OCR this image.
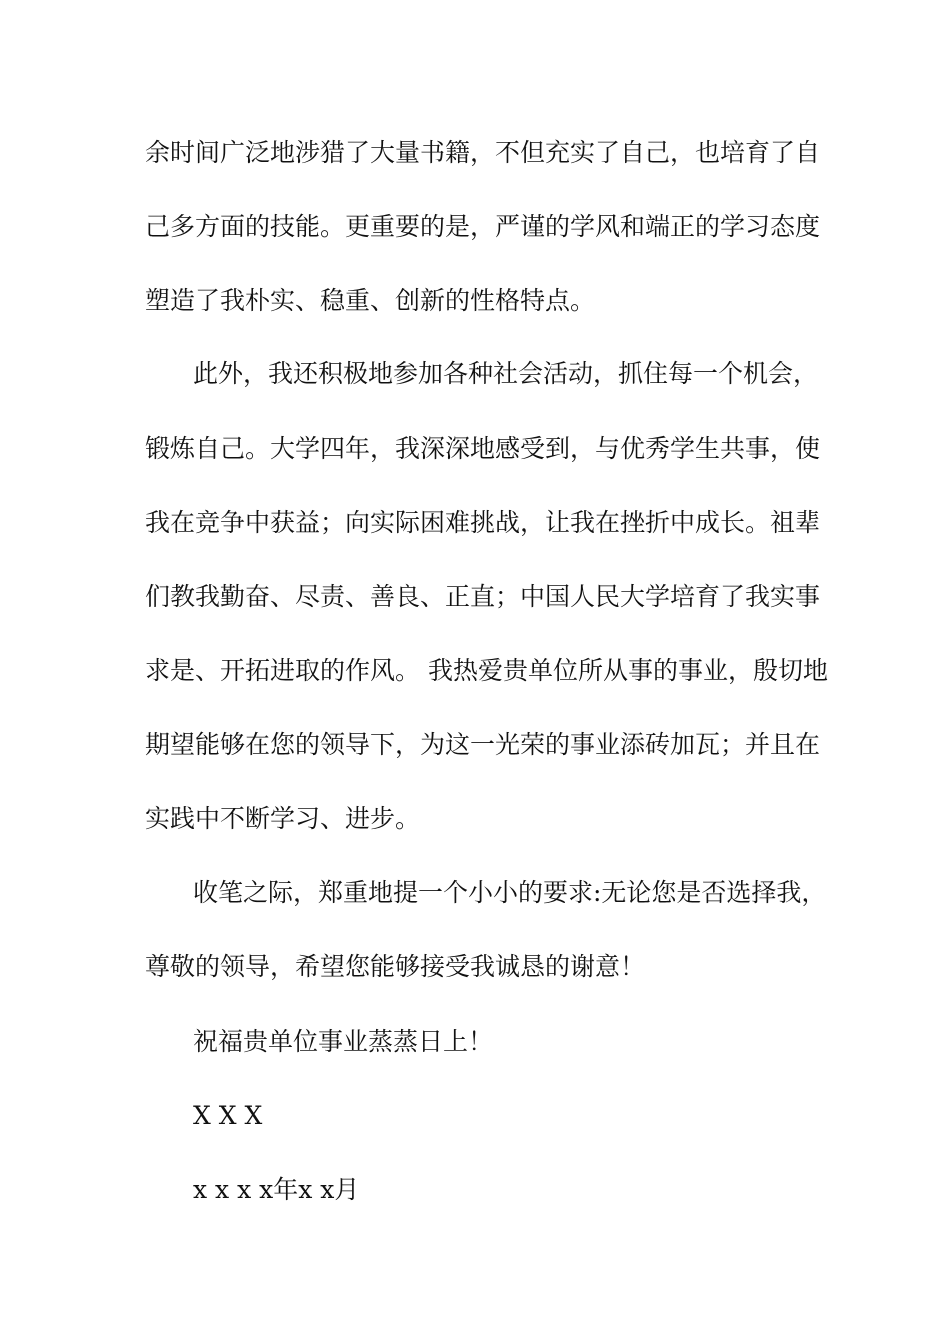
余时间广泛地涉猎了大量书籍，不但充实了自己，也培育了自
己多方面的技能。更重要的是，严谨的学风和端正的学习态度
塑造了我朴实、稳重、创新的性格特点。
此外，我还积极地参加各种社会活动，抓住每一个机会，
锻炼自己。大学四年，我深深地感受到，与优秀学生共事，使
我在竞争中获益；向实际困难挑战，让我在挫折中成长。祖辈
们教我勤奋、尽责、善良、正直；中国人民大学培育了我实事
求是、开拓进取的作风。 我热爱贵单位所从事的事业，殷切地
期望能够在您的领导下，为这一光荣的事业添砖加瓦；并且在
实践中不断学习、进步。
收笔之际，郑重地提一个小小的要求:无论您是否选择我，
尊敬的领导，希望您能够接受我诚恳的谢意！
祝福贵单位事业蒸蒸日上！
X X X
x x x x年x x月
